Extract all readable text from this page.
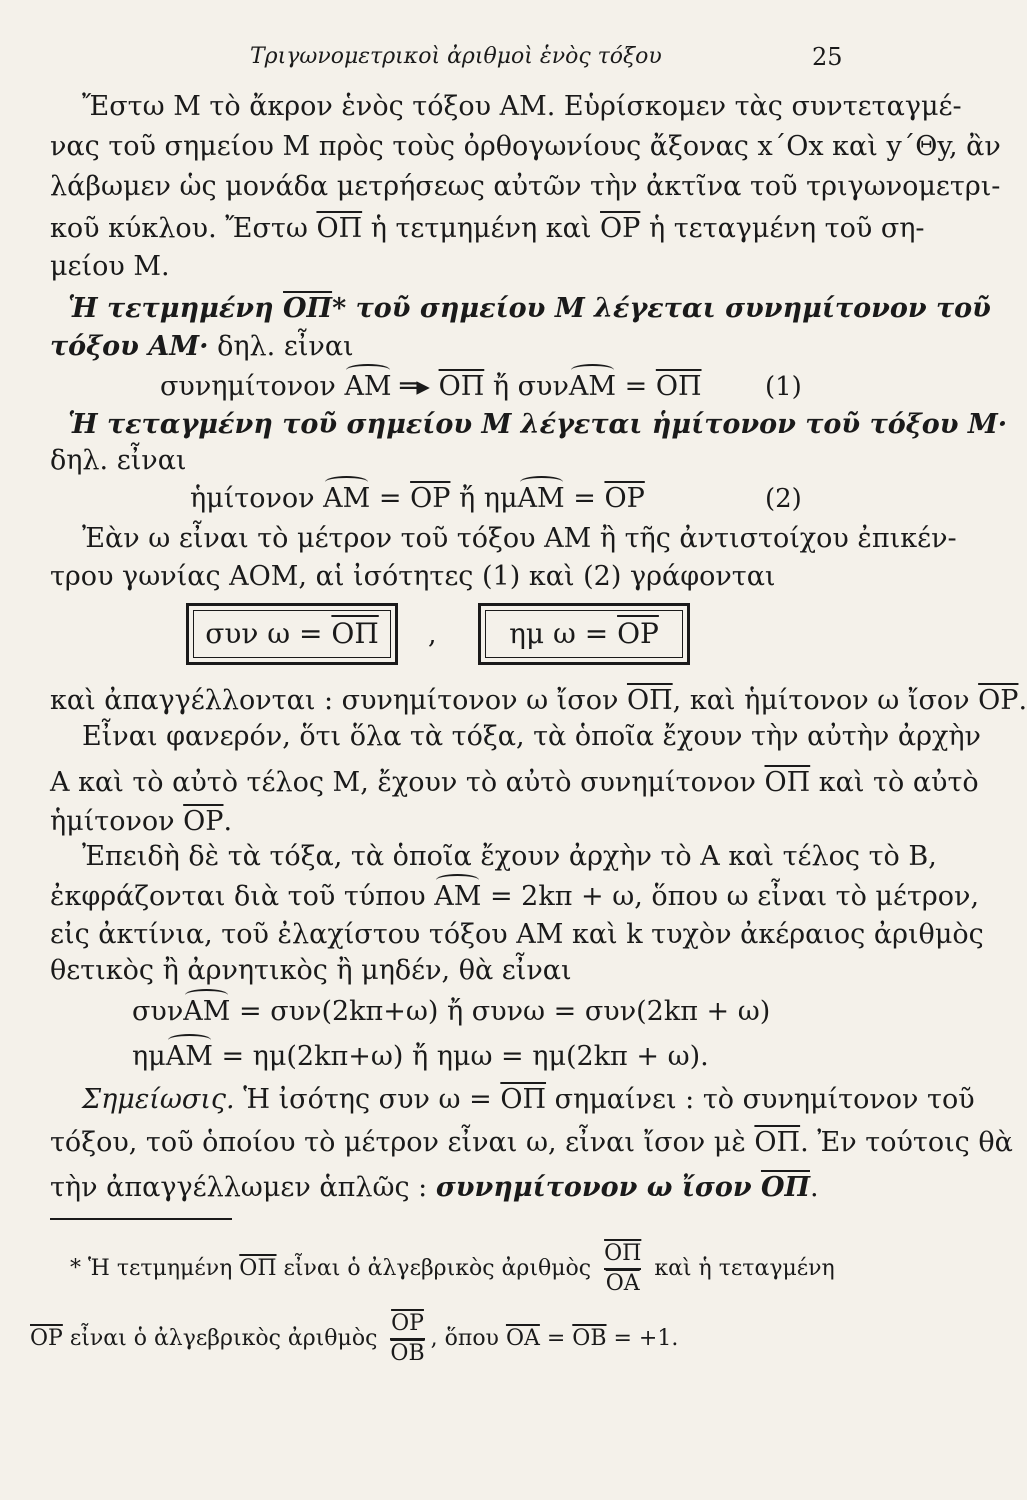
Τριγωνομετρικοὶ ἀριθμοὶ ἑνὸς τόξου	25
Ἔστω Μ τὸ ἄκρον ἑνὸς τόξου ΑΜ. Εὑρίσκομεν τὰς συντεταγμέ-
νας τοῦ σημείου Μ πρὸς τοὺς ὀρθογωνίους ἄξονας x΄Ox καὶ y΄Θy, ἂν
λάβωμεν ὡς μονάδα μετρήσεως αὐτῶν τὴν ἀκτῖνα τοῦ τριγωνομετρι-
κοῦ κύκλου. Ἔστω $\overline{O\Pi}$ ἡ τετμημένη καὶ $\overline{OP}$ ἡ τεταγμένη τοῦ ση-
μείου Μ.
Ἡ τετμημένη $\overline{O\Pi}*$ τοῦ σημείου Μ λέγεται συνημίτονον τοῦ
τόξου ΑΜ· δηλ. εἶναι
συνημίτονον ΑΜ ═▸ $\overline{O\Pi}$ ἤ $\sigma\upsilon\nu AM = \overline{O\Pi}$ (1)
Ἡ τεταγμένη τοῦ σημείου Μ λέγεται ἡμίτονον τοῦ τόξου Μ·
δηλ. εἶναι
ἡμίτονον $AM = \overline{OP}$ ἤ $\eta\mu AM = \overline{OP}$	(2)
Ἐὰν ω εἶναι τὸ μέτρον τοῦ τόξου ΑΜ ἢ τῆς ἀντιστοίχου ἐπικέν-
τρου γωνίας ΑΟΜ, αἱ ἰσότητες (1) καὶ (2) γράφονται
συν $\omega = \overline{O\Pi}$	,	ημ $\omega = \overline{OP}$
καὶ ἀπαγγέλλονται : συνημίτονον ω ἴσον $\overline{O\Pi}$, καὶ ἡμίτονον ω ἴσον $\overline{OP}$.
Εἶναι φανερόν, ὅτι ὅλα τὰ τόξα, τὰ ὁποῖα ἔχουν τὴν αὐτὴν ἀρχὴν
Α καὶ τὸ αὐτὸ τέλος Μ, ἔχουν τὸ αὐτὸ συνημίτονον $\overline{O\Pi}$ καὶ τὸ αὐτὸ
ἡμίτονον $\overline{OP}$.
Ἐπειδὴ δὲ τὰ τόξα, τὰ ὁποῖα ἔχουν ἀρχὴν τὸ Α καὶ τέλος τὸ Β,
ἐκφράζονται διὰ τοῦ τύπου ΑΜ = 2kπ + ω, ὅπου ω εἶναι τὸ μέτρον,
εἰς ἀκτίνια, τοῦ ἐλαχίστου τόξου ΑΜ καὶ k τυχὸν ἀκέραιος ἀριθμὸς
θετικὸς ἢ ἀρνητικὸς ἢ μηδέν, θὰ εἶναι
συνΑΜ = συν(2kπ+ω) ἤ συνω = συν(2kπ + ω)
ημΑΜ = ημ(2kπ+ω) ἤ ημω = ημ(2kπ + ω).
Σημείωσις. Ἡ ἰσότης συν $\omega = \overline{O\Pi}$ σημαίνει : τὸ συνημίτονον τοῦ
τόξου, τοῦ ὁποίου τὸ μέτρον εἶναι ω, εἶναι ἴσον μὲ $\overline{O\Pi}$. Ἐν τούτοις θὰ
τὴν ἀπαγγέλλωμεν ἁπλῶς : συνημίτονον ω ἴσον $\overline{O\Pi}$.
* Ἡ τετμημένη $\overline{O\Pi}$ εἶναι ὁ ἀλγεβρικὸς ἀριθμὸς $\frac{\overline{O\Pi}}{OA}$ καὶ ἡ τεταγμένη
$\overline{OP}$ εἶναι ὁ ἀλγεβρικὸς ἀριθμὸς $\frac{\overline{OP}}{OB}$ , ὅπου $\overline{OA} = \overline{OB} = +1$.
